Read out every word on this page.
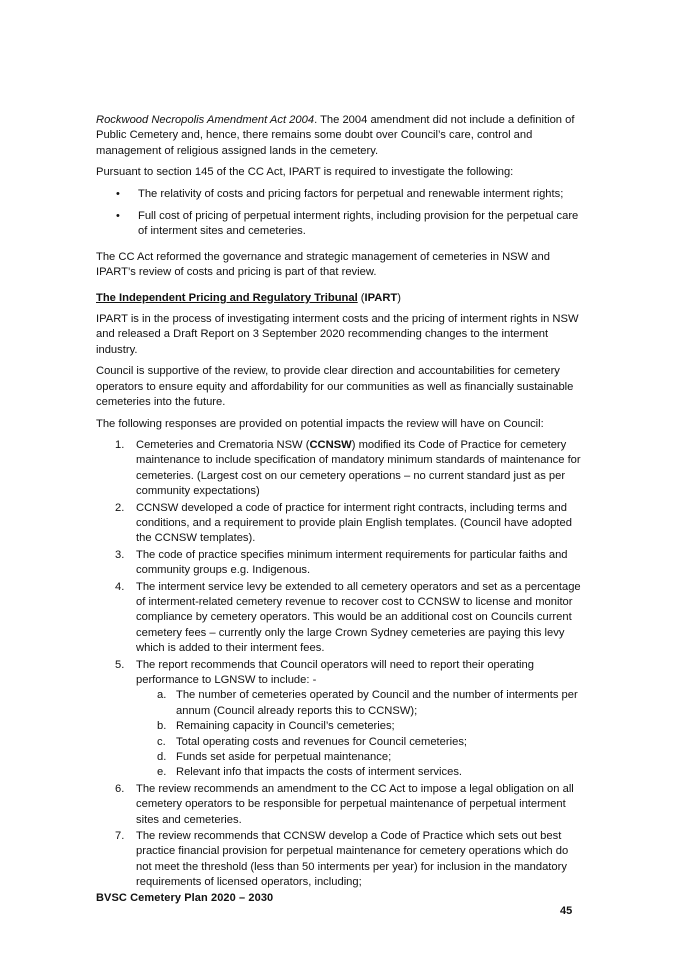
Rockwood Necropolis Amendment Act 2004. The 2004 amendment did not include a definition of Public Cemetery and, hence, there remains some doubt over Council’s care, control and management of religious assigned lands in the cemetery.

Pursuant to section 145 of the CC Act, IPART is required to investigate the following:

• The relativity of costs and pricing factors for perpetual and renewable interment rights;
• Full cost of pricing of perpetual interment rights, including provision for the perpetual care of interment sites and cemeteries.

The CC Act reformed the governance and strategic management of cemeteries in NSW and IPART’s review of costs and pricing is part of that review.

The Independent Pricing and Regulatory Tribunal (IPART)

IPART is in the process of investigating interment costs and the pricing of interment rights in NSW and released a Draft Report on 3 September 2020 recommending changes to the interment industry.

Council is supportive of the review, to provide clear direction and accountabilities for cemetery operators to ensure equity and affordability for our communities as well as financially sustainable cemeteries into the future.

The following responses are provided on potential impacts the review will have on Council:

1. Cemeteries and Crematoria NSW (CCNSW) modified its Code of Practice for cemetery maintenance to include specification of mandatory minimum standards of maintenance for cemeteries. (Largest cost on our cemetery operations – no current standard just as per community expectations)
2. CCNSW developed a code of practice for interment right contracts, including terms and conditions, and a requirement to provide plain English templates. (Council have adopted the CCNSW templates).
3. The code of practice specifies minimum interment requirements for particular faiths and community groups e.g. Indigenous.
4. The interment service levy be extended to all cemetery operators and set as a percentage of interment-related cemetery revenue to recover cost to CCNSW to license and monitor compliance by cemetery operators. This would be an additional cost on Councils current cemetery fees – currently only the large Crown Sydney cemeteries are paying this levy which is added to their interment fees.
5. The report recommends that Council operators will need to report their operating performance to LGNSW to include: -
a. The number of cemeteries operated by Council and the number of interments per annum (Council already reports this to CCNSW);
b. Remaining capacity in Council’s cemeteries;
c. Total operating costs and revenues for Council cemeteries;
d. Funds set aside for perpetual maintenance;
e. Relevant info that impacts the costs of interment services.
6. The review recommends an amendment to the CC Act to impose a legal obligation on all cemetery operators to be responsible for perpetual maintenance of perpetual interment sites and cemeteries.
7. The review recommends that CCNSW develop a Code of Practice which sets out best practice financial provision for perpetual maintenance for cemetery operations which do not meet the threshold (less than 50 interments per year) for inclusion in the mandatory requirements of licensed operators, including;
BVSC Cemetery Plan 2020 – 2030
45
